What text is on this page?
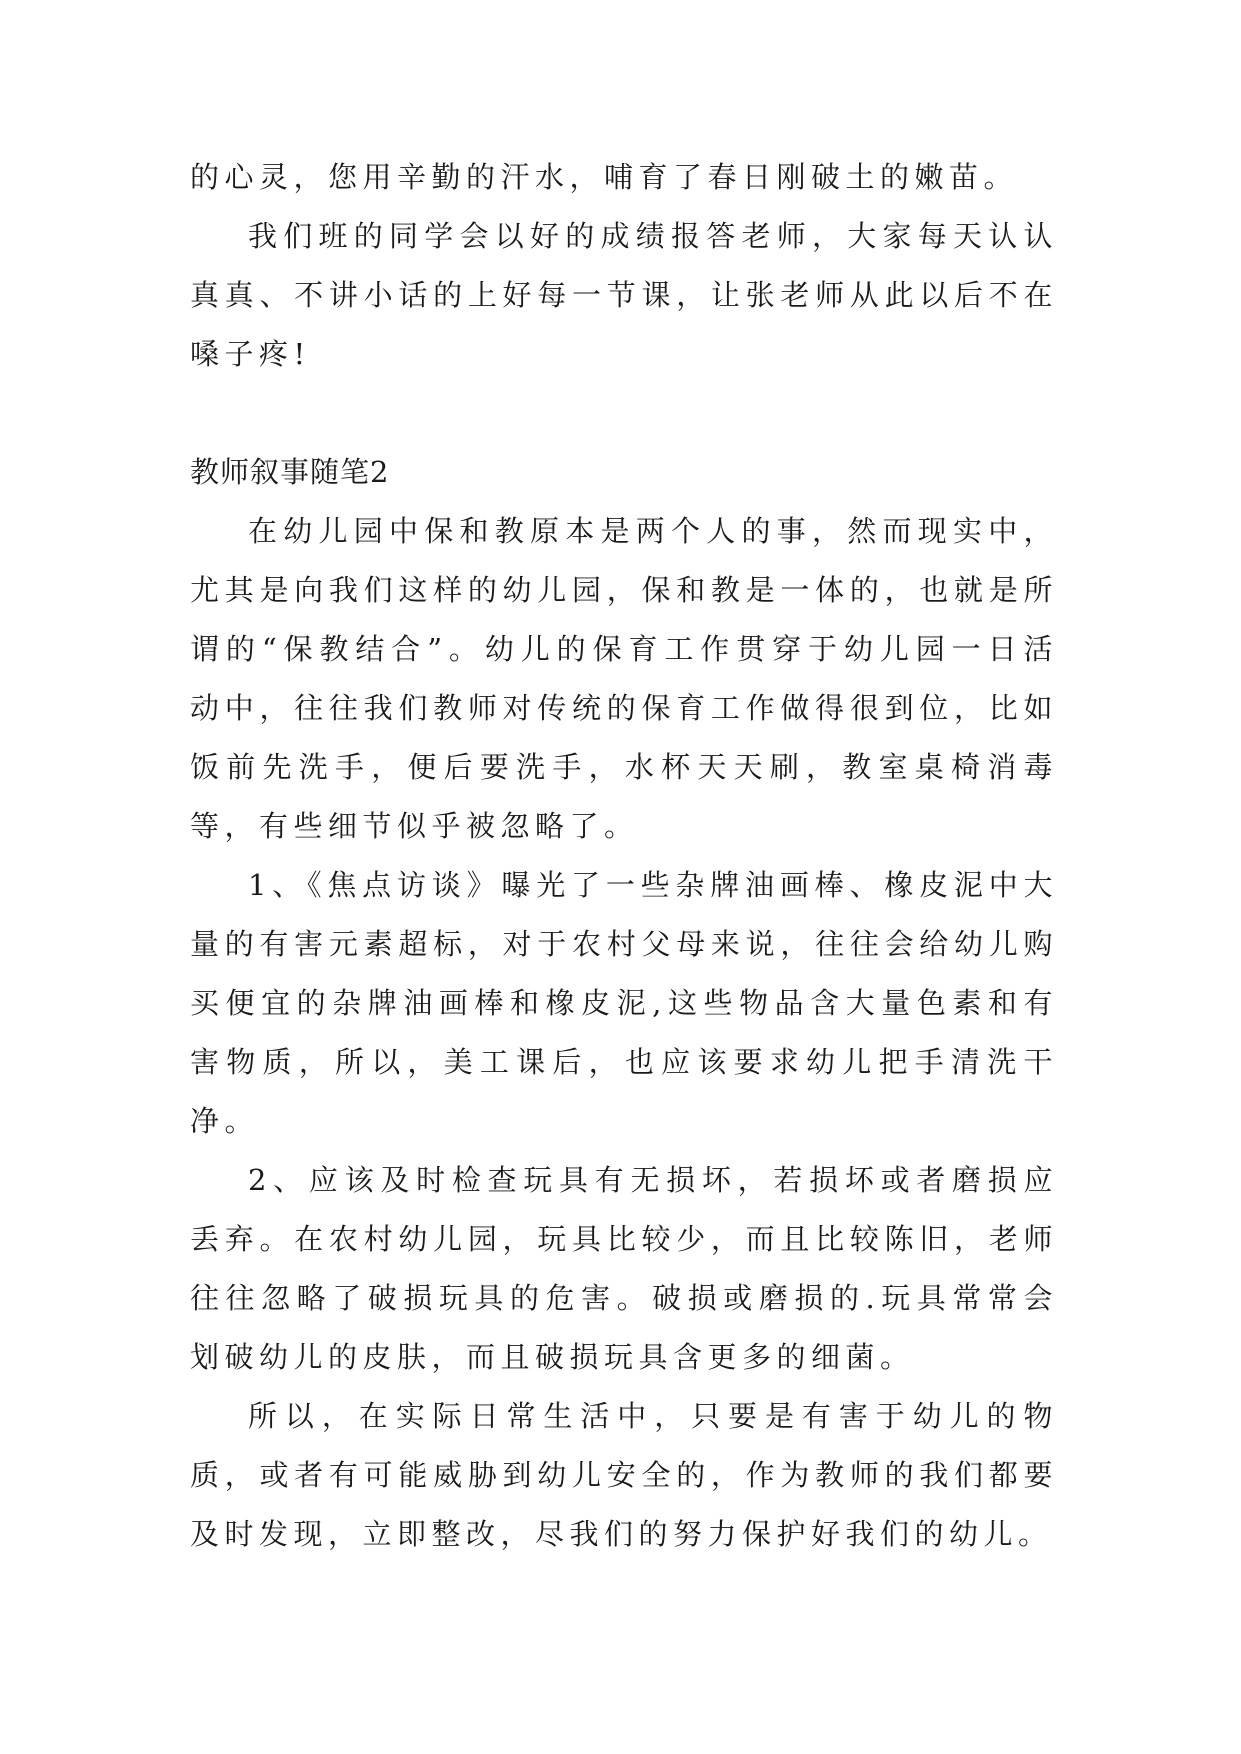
的心灵，您用辛勤的汗水，哺育了春日刚破土的嫩苗。

我们班的同学会以好的成绩报答老师，大家每天认认真真、不讲小话的上好每一节课，让张老师从此以后不在嗓子疼!

教师叙事随笔2

在幼儿园中保和教原本是两个人的事，然而现实中，尤其是向我们这样的幼儿园，保和教是一体的，也就是所谓的“保教结合”。幼儿的保育工作贯穿于幼儿园一日活动中，往往我们教师对传统的保育工作做得很到位，比如饭前先洗手，便后要洗手，水杯天天刷，教室桌椅消毒等，有些细节似乎被忽略了。

1、《焦点访谈》曝光了一些杂牌油画棒、橡皮泥中大量的有害元素超标，对于农村父母来说，往往会给幼儿购买便宜的杂牌油画棒和橡皮泥,这些物品含大量色素和有害物质，所以，美工课后，也应该要求幼儿把手清洗干净。

2、应该及时检查玩具有无损坏，若损坏或者磨损应丢弃。在农村幼儿园，玩具比较少，而且比较陈旧，老师往往忽略了破损玩具的危害。破损或磨损的.玩具常常会划破幼儿的皮肤，而且破损玩具含更多的细菌。

所以，在实际日常生活中，只要是有害于幼儿的物质，或者有可能威胁到幼儿安全的，作为教师的我们都要及时发现，立即整改，尽我们的努力保护好我们的幼儿。
